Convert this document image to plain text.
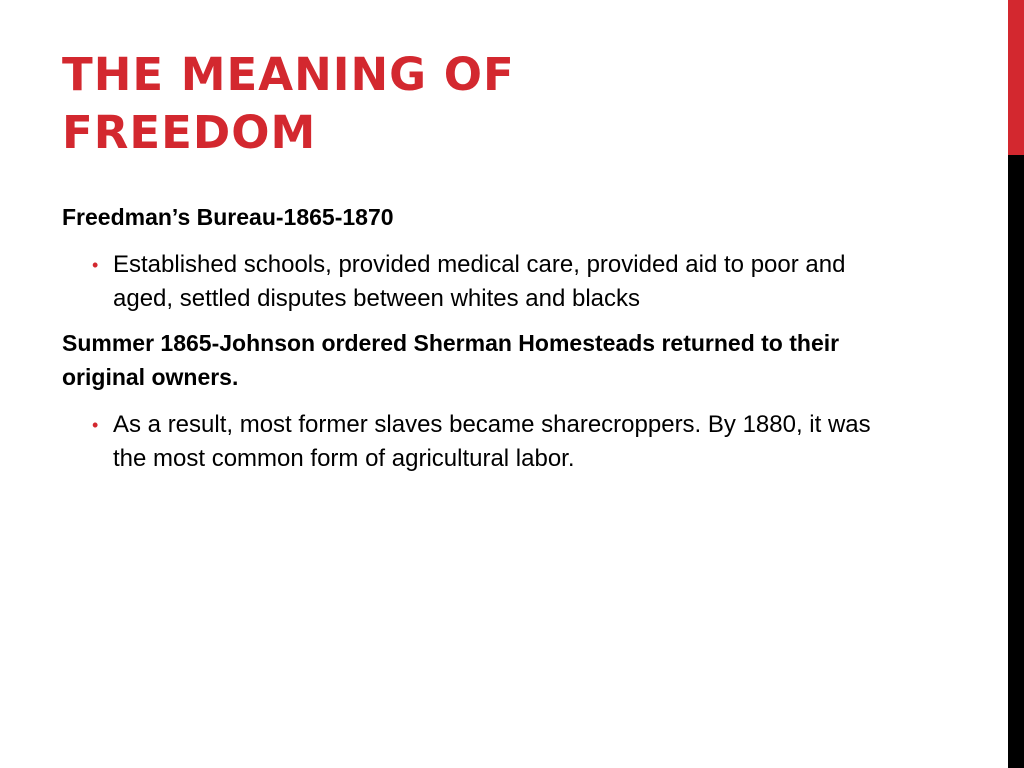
THE MEANING OF
FREEDOM

Freedman’s Bureau-1865-1870

• Established schools, provided medical care, provided aid to poor and aged, settled disputes between whites and blacks

Summer 1865-Johnson ordered Sherman Homesteads returned to their original owners.

• As a result, most former slaves became sharecroppers. By 1880, it was the most common form of agricultural labor.
